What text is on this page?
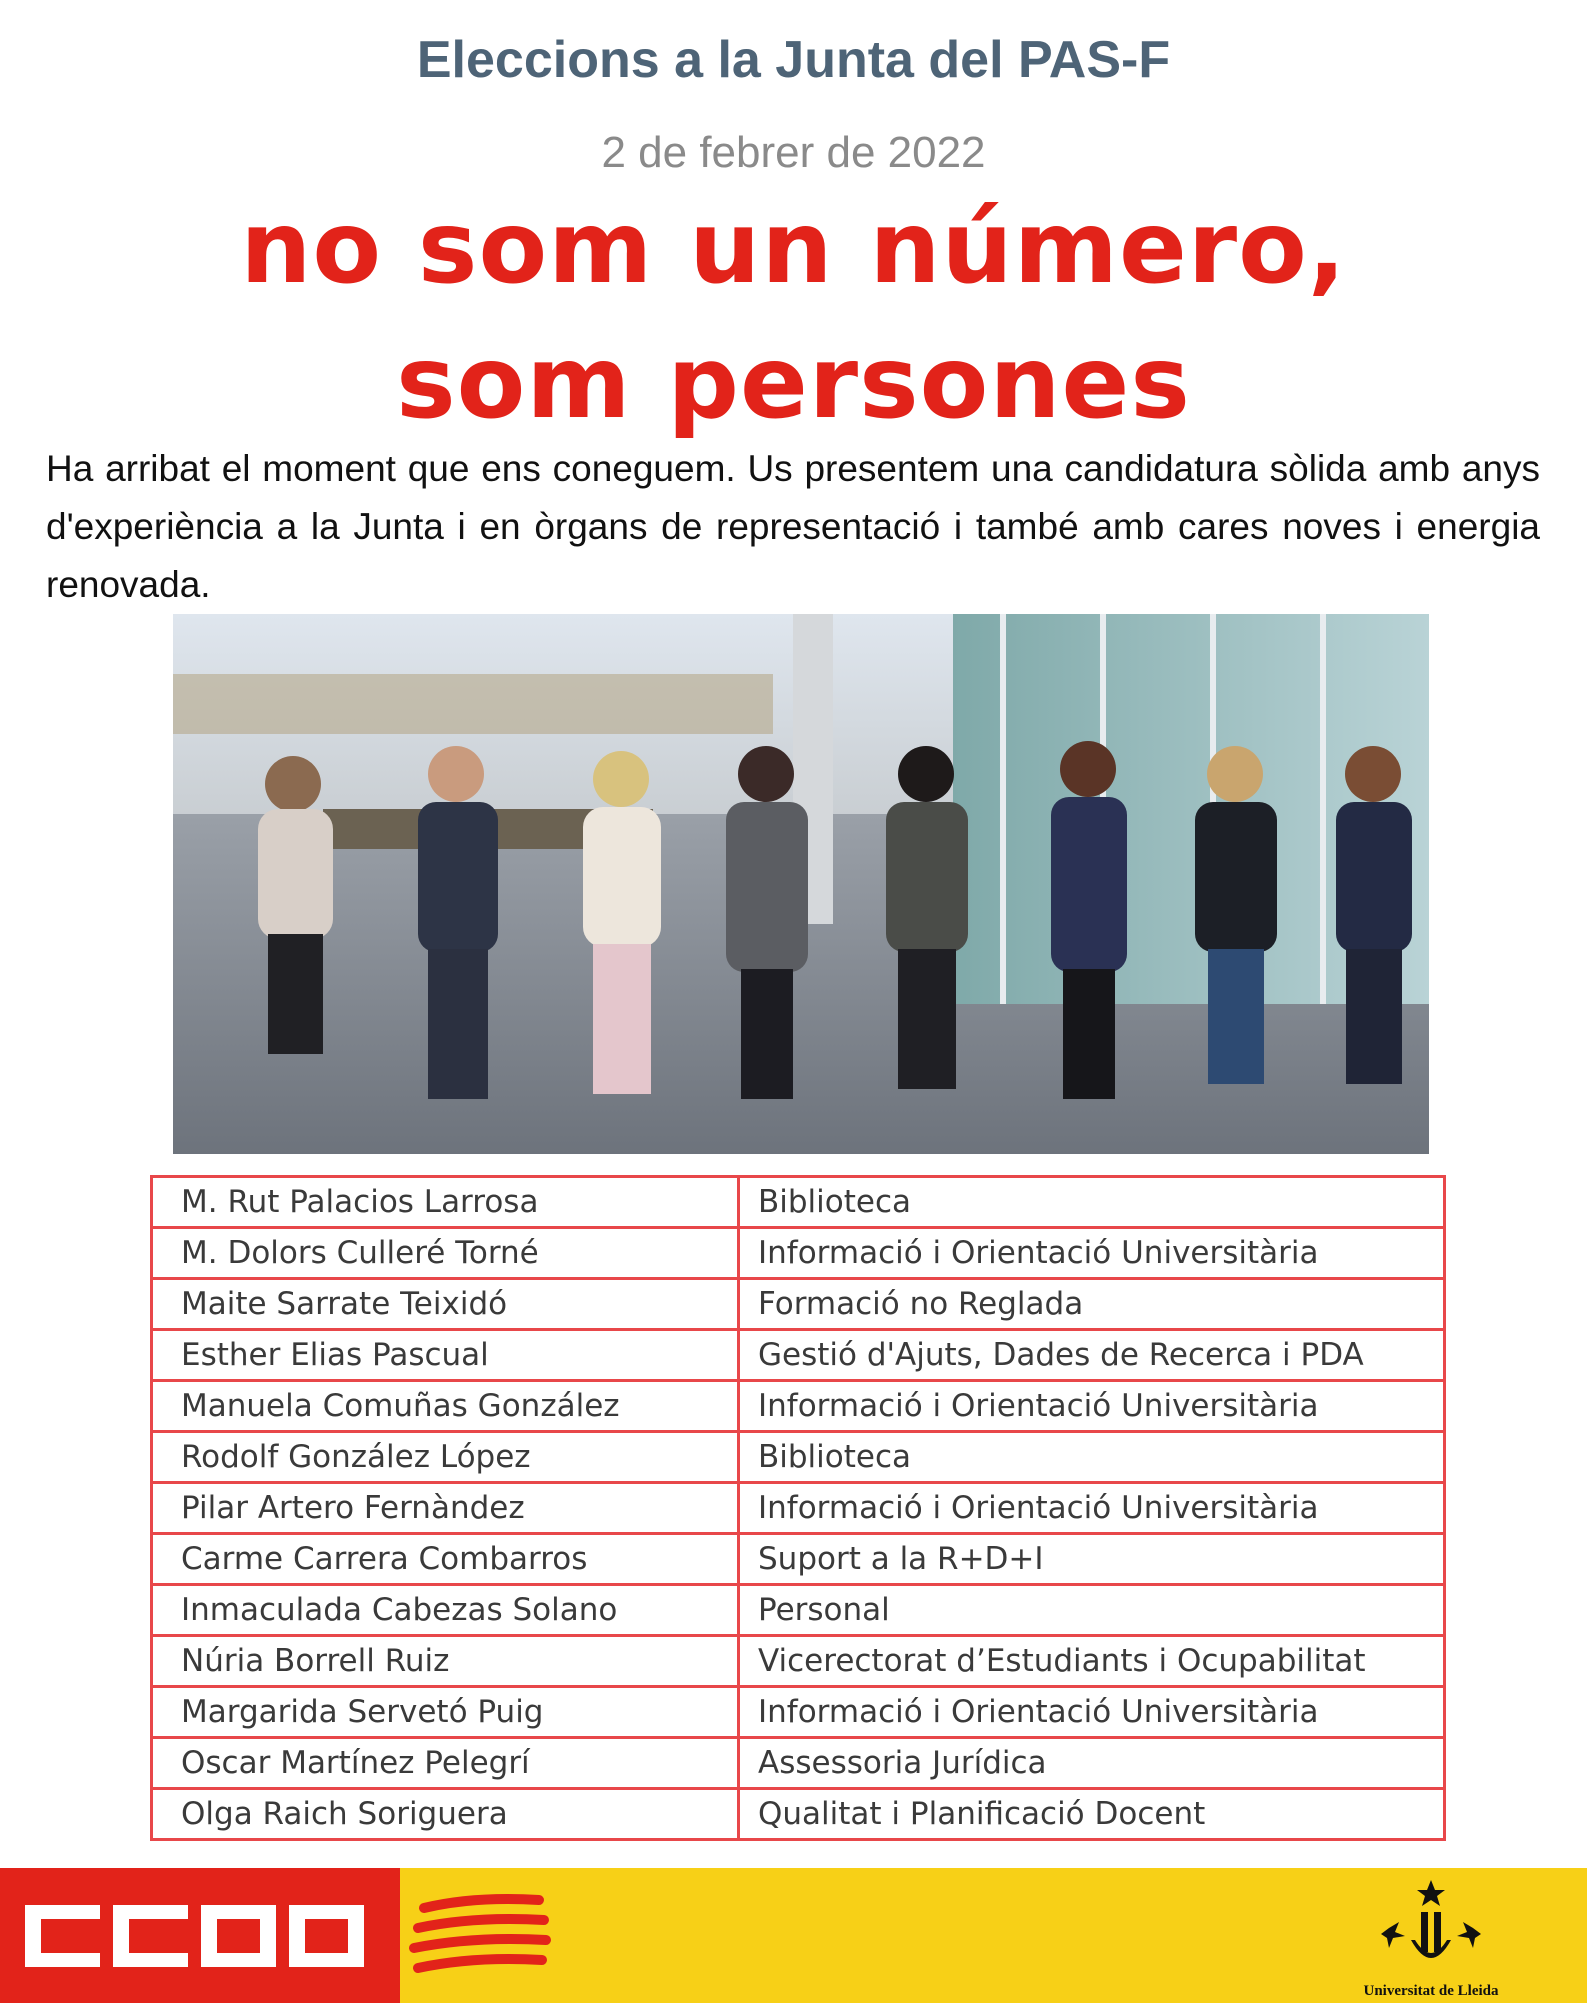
Eleccions a la Junta del PAS-F
2 de febrer de 2022
no som un número,
som persones
Ha arribat el moment que ens coneguem. Us presentem una candidatura sòlida amb anys d'experiència a la Junta i en òrgans de representació i també amb cares noves i energia renovada.
M. Rut Palacios Larrosa	Biblioteca
M. Dolors Culleré Torné	Informació i Orientació Universitària
Maite Sarrate Teixidó	Formació no Reglada
Esther Elias Pascual	Gestió d'Ajuts, Dades de Recerca i PDA
Manuela Comuñas González	Informació i Orientació Universitària
Rodolf González López	Biblioteca
Pilar Artero Fernàndez	Informació i Orientació Universitària
Carme Carrera Combarros	Suport a la R+D+I
Inmaculada Cabezas Solano	Personal
Núria Borrell Ruiz	Vicerectorat d’Estudiants i Ocupabilitat
Margarida Servetó Puig	Informació i Orientació Universitària
Oscar Martínez Pelegrí	Assessoria Jurídica
Olga Raich Soriguera	Qualitat i Planificació Docent
Universitat de Lleida
